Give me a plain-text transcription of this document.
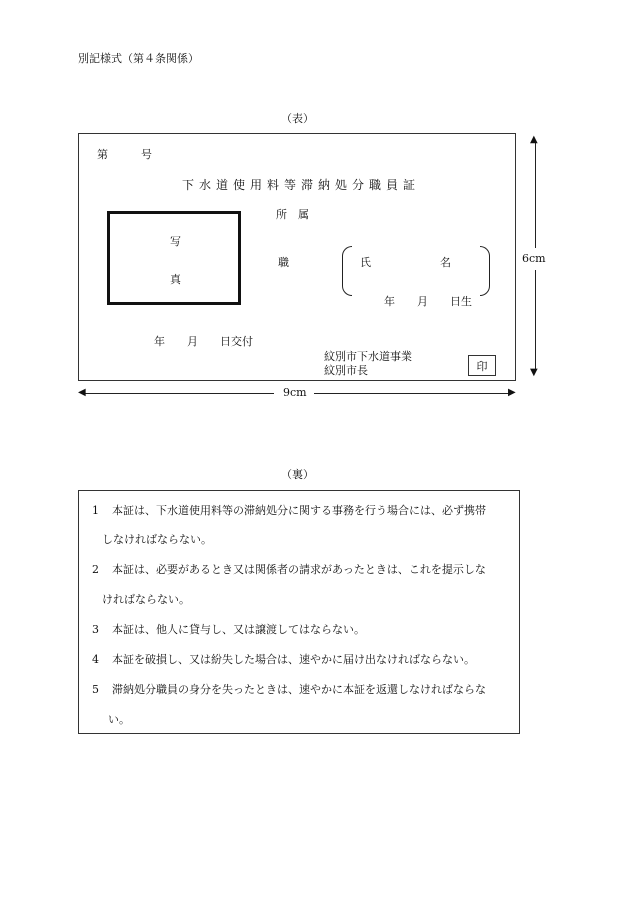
別記様式（第４条関係）
（表）
第　　　号
下水道使用料等滞納処分職員証
所　属
写
真
職	氏	名
年　　月　　日生
年　　月　　日交付
紋別市下水道事業
紋別市長	印
◀	▶
9cm
▲
▼
6cm
（裏）
1 本証は、下水道使用料等の滞納処分に関する事務を行う場合には、必ず携帯
しなければならない。
2 本証は、必要があるとき又は関係者の請求があったときは、これを提示しな
ければならない。
3 本証は、他人に貸与し、又は譲渡してはならない。
4 本証を破損し、又は紛失した場合は、速やかに届け出なければならない。
5 滞納処分職員の身分を失ったときは、速やかに本証を返還しなければならな
い。
